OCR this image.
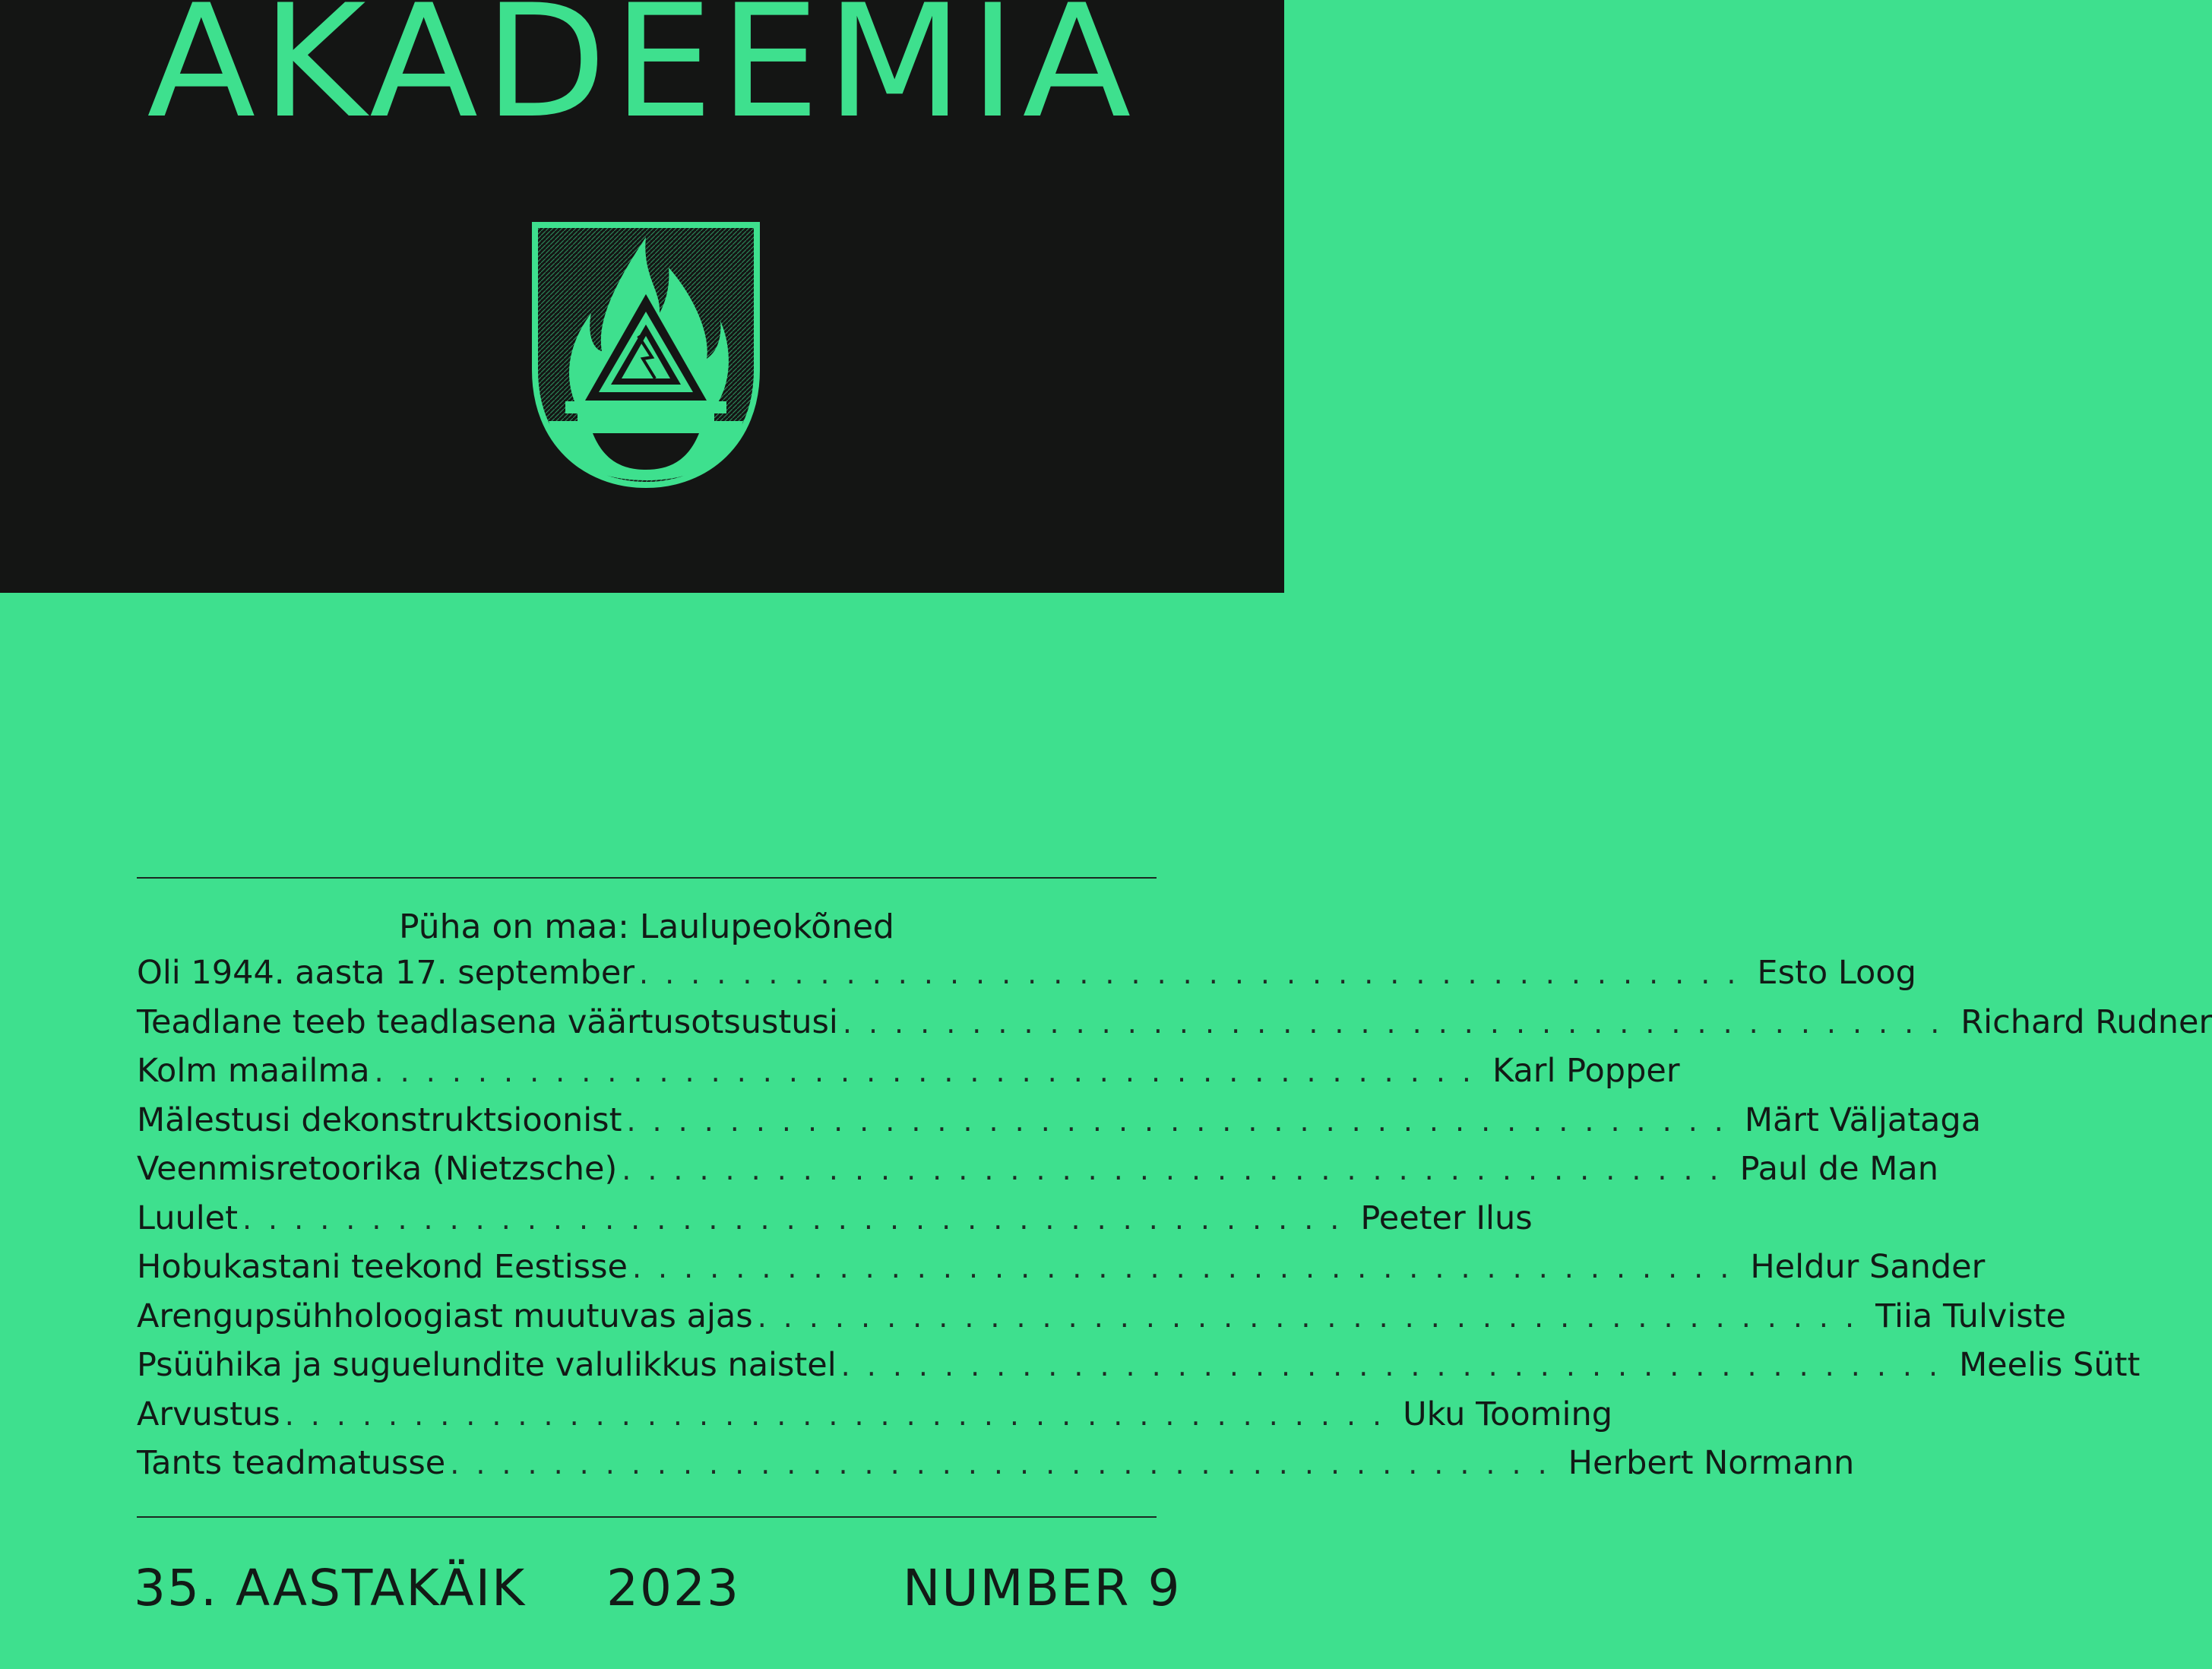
AKADEEMIA
Püha on maa: Laulupeokõned
Oli 1944. aasta 17. september ........................................... Esto Loog
Teadlane teeb teadlasena väärtusotsustusi ........................................... Richard Rudner
Kolm maailma ........................................... Karl Popper
Mälestusi dekonstruktsioonist ........................................... Märt Väljataga
Veenmisretoorika (Nietzsche) ........................................... Paul de Man
Luulet ........................................... Peeter Ilus
Hobukastani teekond Eestisse ........................................... Heldur Sander
Arengupsühholoogiast muutuvas ajas ........................................... Tiia Tulviste
Psüühika ja suguelundite valulikkus naistel ........................................... Meelis Sütt
Arvustus ........................................... Uku Tooming
Tants teadmatusse ........................................... Herbert Normann
35. AASTAKÄIK 2023	NUMBER 9
